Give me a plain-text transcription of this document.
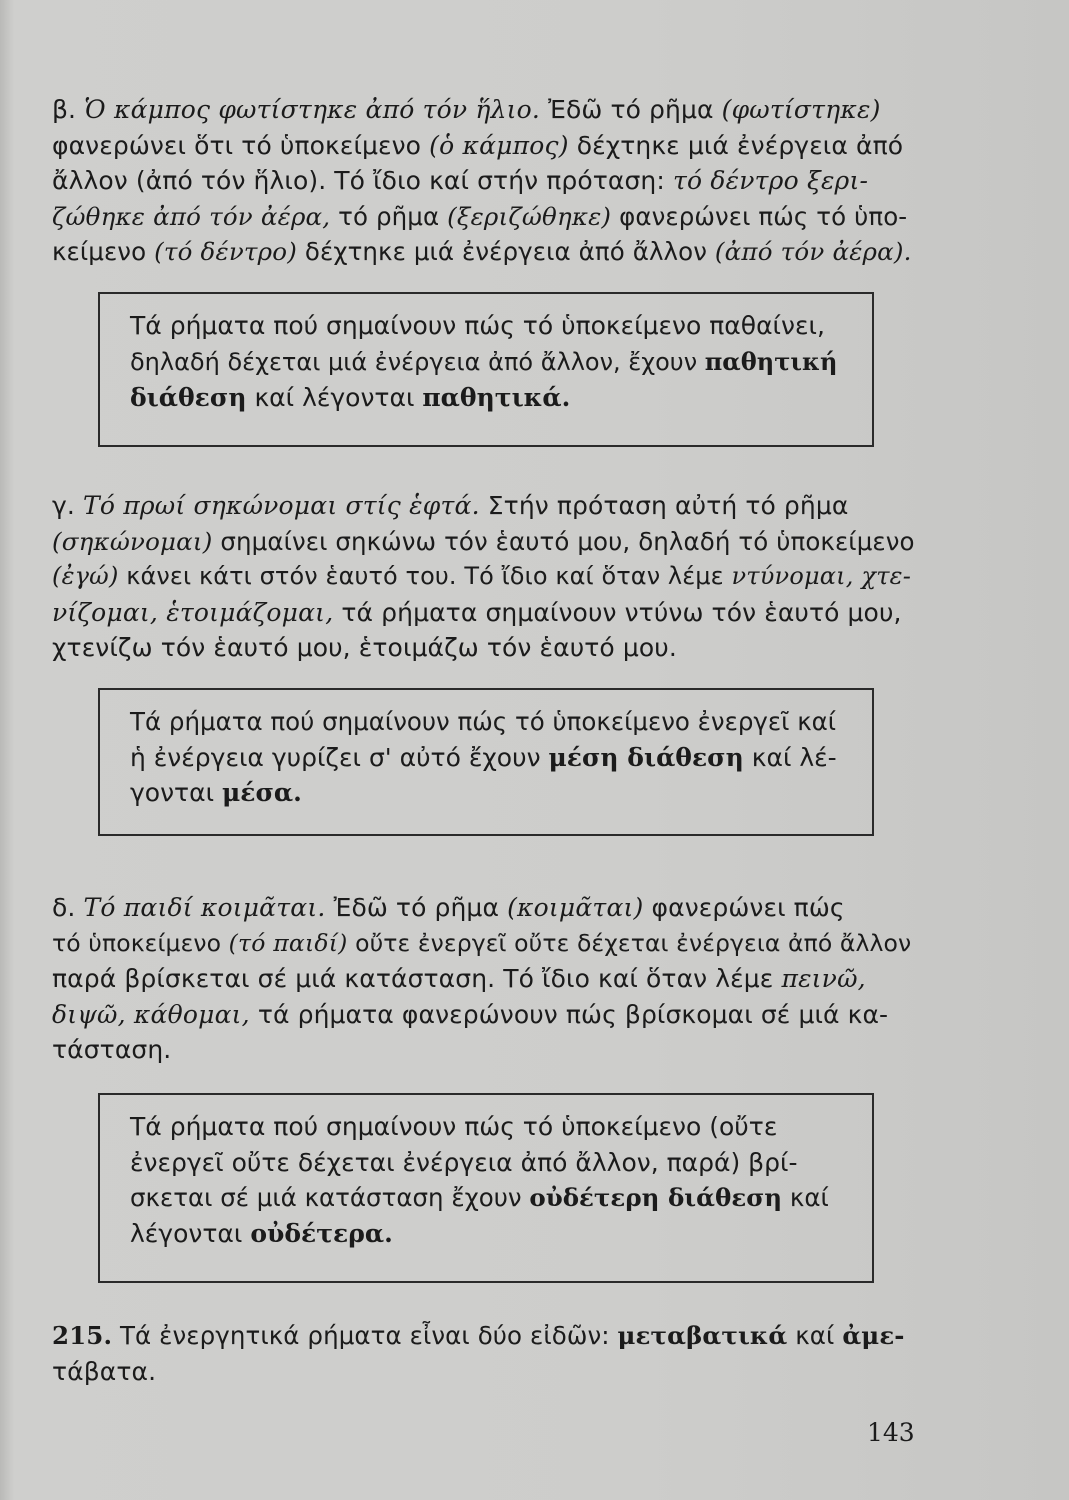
β. Ὁ κάμπος φωτίστηκε ἀπό τόν ἥλιο. Ἐδῶ τό ρῆμα (φωτίστηκε)
φανερώνει ὅτι τό ὑποκείμενο (ὁ κάμπος) δέχτηκε μιά ἐνέργεια ἀπό
ἄλλον (ἀπό τόν ἥλιο). Τό ἴδιο καί στήν πρόταση: τό δέντρο ξερι-
ζώθηκε ἀπό τόν ἀέρα, τό ρῆμα (ξεριζώθηκε) φανερώνει πώς τό ὑπο-
κείμενο (τό δέντρο) δέχτηκε μιά ἐνέργεια ἀπό ἄλλον (ἀπό τόν ἀέρα).
Τά ρήματα πού σημαίνουν πώς τό ὑποκείμενο παθαίνει,
δηλαδή δέχεται μιά ἐνέργεια ἀπό ἄλλον, ἔχουν παθητική
διάθεση καί λέγονται παθητικά.
γ. Τό πρωί σηκώνομαι στίς ἑφτά. Στήν πρόταση αὐτή τό ρῆμα
(σηκώνομαι) σημαίνει σηκώνω τόν ἑαυτό μου, δηλαδή τό ὑποκείμενο
(ἐγώ) κάνει κάτι στόν ἑαυτό του. Τό ἴδιο καί ὅταν λέμε ντύνομαι, χτε-
νίζομαι, ἑτοιμάζομαι, τά ρήματα σημαίνουν ντύνω τόν ἑαυτό μου,
χτενίζω τόν ἑαυτό μου, ἑτοιμάζω τόν ἑαυτό μου.
Τά ρήματα πού σημαίνουν πώς τό ὑποκείμενο ἐνεργεῖ καί
ἡ ἐνέργεια γυρίζει σ' αὐτό ἔχουν μέση διάθεση καί λέ-
γονται μέσα.
δ. Τό παιδί κοιμᾶται. Ἐδῶ τό ρῆμα (κοιμᾶται) φανερώνει πώς
τό ὑποκείμενο (τό παιδί) οὔτε ἐνεργεῖ οὔτε δέχεται ἐνέργεια ἀπό ἄλλον
παρά βρίσκεται σέ μιά κατάσταση. Τό ἴδιο καί ὅταν λέμε πεινῶ,
διψῶ, κάθομαι, τά ρήματα φανερώνουν πώς βρίσκομαι σέ μιά κα-
τάσταση.
Τά ρήματα πού σημαίνουν πώς τό ὑποκείμενο (οὔτε
ἐνεργεῖ οὔτε δέχεται ἐνέργεια ἀπό ἄλλον, παρά) βρί-
σκεται σέ μιά κατάσταση ἔχουν οὐδέτερη διάθεση καί
λέγονται οὐδέτερα.
215. Τά ἐνεργητικά ρήματα εἶναι δύο εἰδῶν: μεταβατικά καί ἀμε-
τάβατα.
143
